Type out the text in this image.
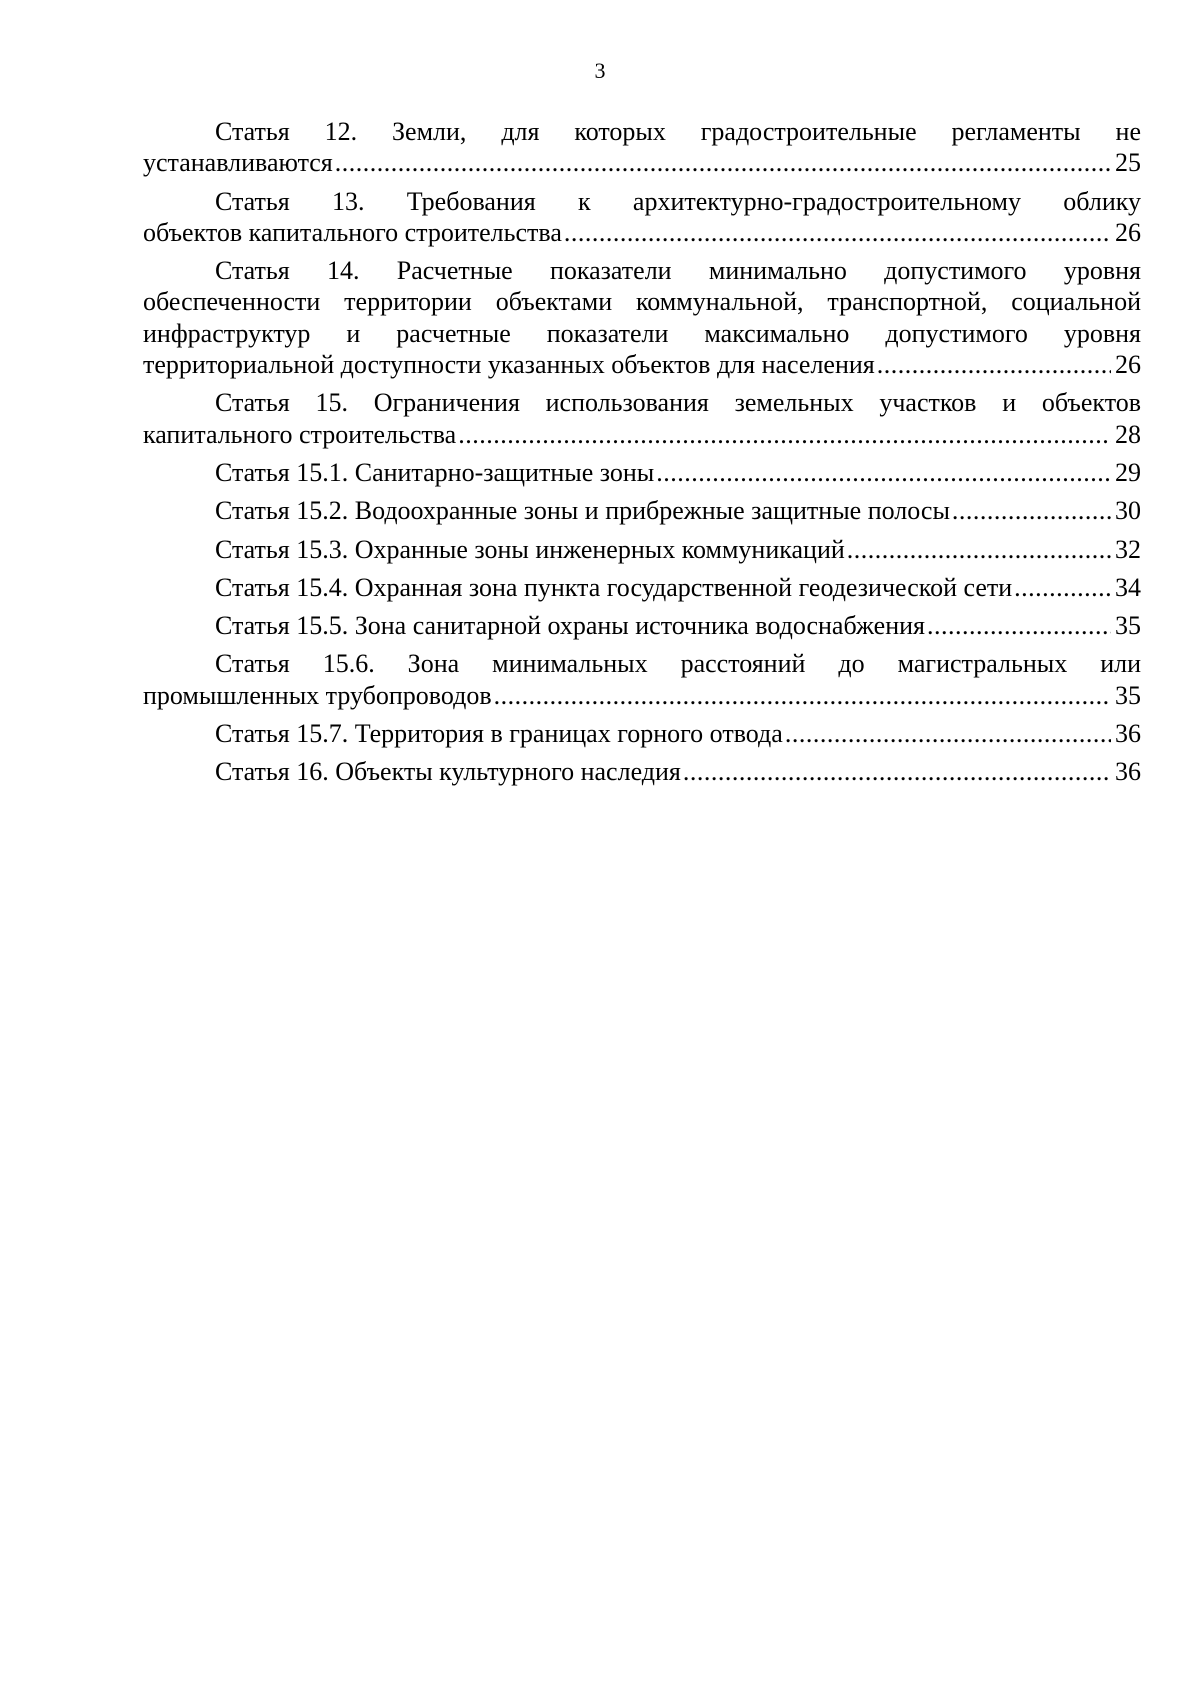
3
Статья 12. Земли, для которых градостроительные регламенты не
устанавливаются .....	25
Статья 13. Требования к архитектурно-градостроительному облику
объектов капитального строительства .....	26
Статья 14. Расчетные показатели минимально допустимого уровня
обеспеченности территории объектами коммунальной, транспортной, социальной
инфраструктур и расчетные показатели максимально допустимого уровня
территориальной доступности указанных объектов для населения .....	26
Статья 15. Ограничения использования земельных участков и объектов
капитального строительства .....	28
Статья 15.1. Санитарно-защитные зоны .....	29
Статья 15.2. Водоохранные зоны и прибрежные защитные полосы .....	30
Статья 15.3. Охранные зоны инженерных коммуникаций .....	32
Статья 15.4. Охранная зона пункта государственной геодезической сети .....	34
Статья 15.5. Зона санитарной охраны источника водоснабжения .....	35
Статья 15.6. Зона минимальных расстояний до магистральных или
промышленных трубопроводов .....	35
Статья 15.7. Территория в границах горного отвода .....	36
Статья 16. Объекты культурного наследия .....	36
